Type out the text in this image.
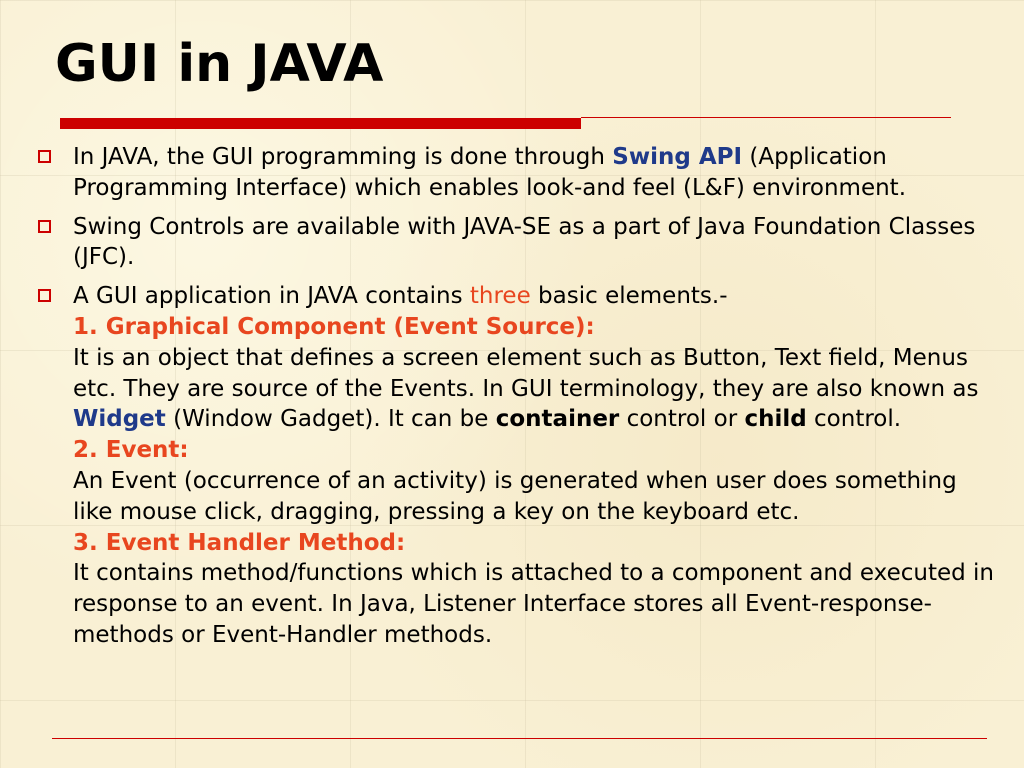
GUI in JAVA
In JAVA, the GUI programming is done through Swing API (Application Programming Interface) which enables look-and feel (L&F) environment.
Swing Controls are available with JAVA-SE as a part of Java Foundation Classes (JFC).
A GUI application in JAVA contains three basic elements.-
1. Graphical Component (Event Source):
It is an object that defines a screen element such as Button, Text field, Menus etc. They are source of the Events. In GUI terminology, they are also known as Widget (Window Gadget). It can be container control or child control.
2. Event:
An Event (occurrence of an activity) is generated when user does something like mouse click, dragging, pressing a key on the keyboard etc.
3. Event Handler Method:
It contains method/functions which is attached to a component and executed in response to an event. In Java, Listener Interface stores all Event-response-methods or Event-Handler methods.
